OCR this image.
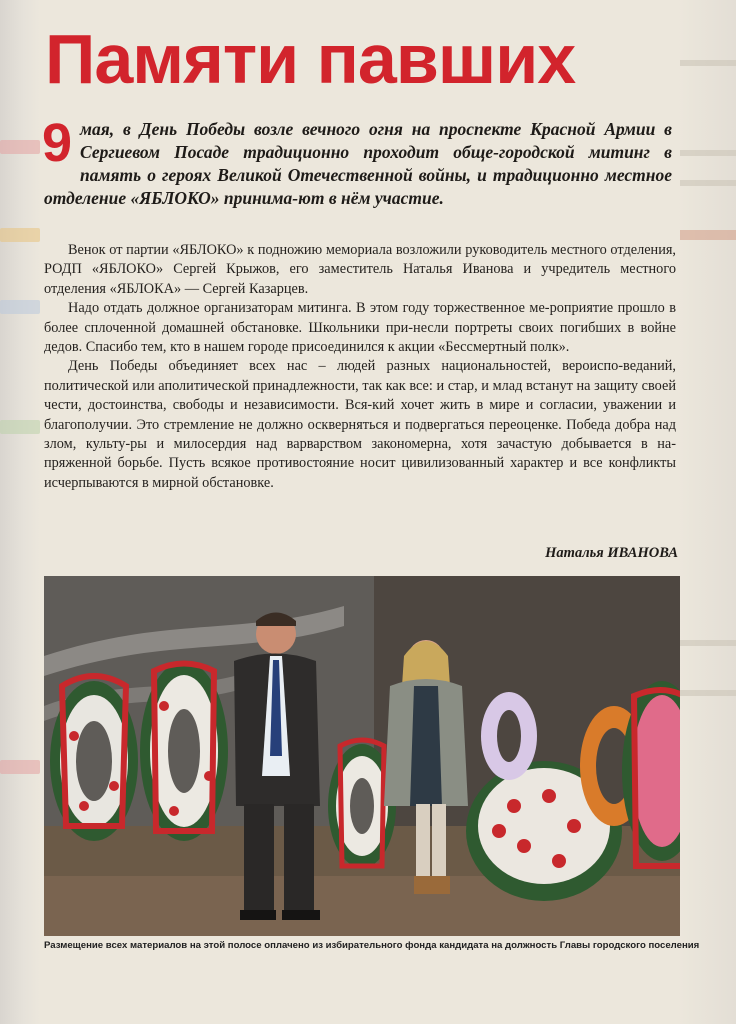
Памяти павших
9 мая, в День Победы возле вечного огня на проспекте Красной Армии в Сергиевом Посаде традиционно проходит обще-городской митинг в память о героях Великой Отечественной войны, и традиционно местное отделение «ЯБЛОКО» принима-ют в нём участие.

Венок от партии «ЯБЛОКО» к подножию мемориала возложили руководитель местного отделения, РОДП «ЯБЛОКО» Сергей Крыжов, его заместитель Наталья Иванова и учредитель местного отделения «ЯБЛОКА» — Сергей Казарцев.

Надо отдать должное организаторам митинга. В этом году торжественное ме-роприятие прошло в более сплоченной домашней обстановке. Школьники при-несли портреты своих погибших в войне дедов. Спасибо тем, кто в нашем городе присоединился к акции «Бессмертный полк».

День Победы объединяет всех нас – людей разных национальностей, вероиспо-веданий, политической или аполитической принадлежности, так как все: и стар, и млад встанут на защиту своей чести, достоинства, свободы и независимости. Вся-кий хочет жить в мире и согласии, уважении и благополучии. Это стремление не должно оскверняться и подвергаться переоценке. Победа добра над злом, культу-ры и милосердия над варварством закономерна, хотя зачастую добывается в на-пряженной борьбе. Пусть всякое противостояние носит цивилизованный характер и все конфликты исчерпываются в мирной обстановке.

Наталья ИВАНОВА
Размещение всех материалов на этой полосе оплачено из избирательного фонда кандидата на должность Главы городского поселения
